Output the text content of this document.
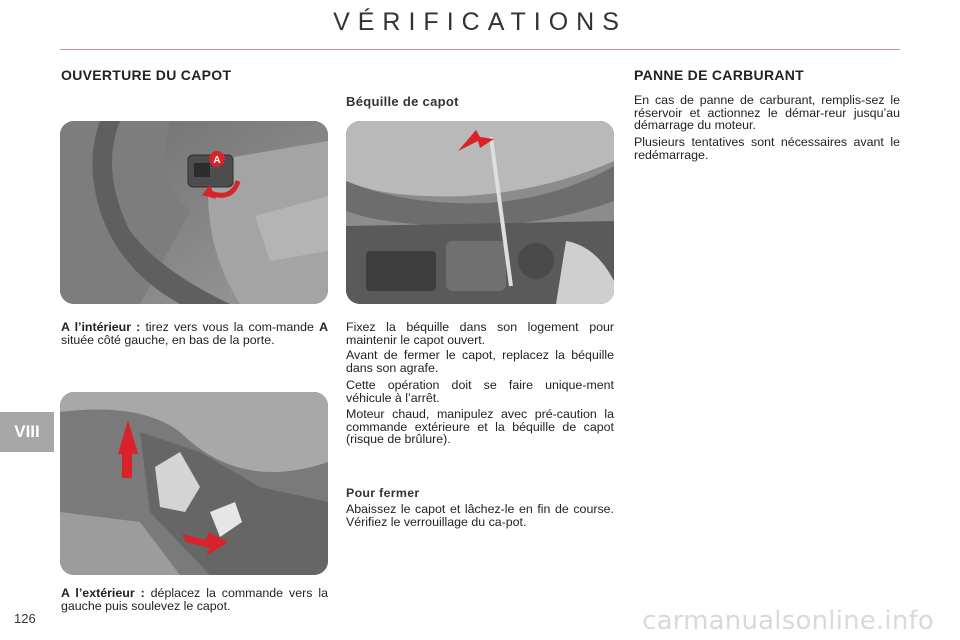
VÉRIFICATIONS
OUVERTURE DU CAPOT
Béquille de capot
PANNE DE CARBURANT
A
A l’intérieur : tirez vers vous la com-mande A située côté gauche, en bas de la porte.
A l’extérieur : déplacez la commande vers la gauche puis soulevez le capot.
Fixez la béquille dans son logement pour maintenir le capot ouvert.
Avant de fermer le capot, replacez la béquille dans son agrafe.
Cette opération doit se faire unique-ment véhicule à l’arrêt.
Moteur chaud, manipulez avec pré-caution la commande extérieure et la béquille de capot (risque de brûlure).
Pour fermer
Abaissez le capot et lâchez-le en fin de course. Vérifiez le verrouillage du ca-pot.
En cas de panne de carburant, remplis-sez le réservoir et actionnez le démar-reur jusqu’au démarrage du moteur.
Plusieurs tentatives sont nécessaires avant le redémarrage.
VIII
126	carmanualsonline.info
